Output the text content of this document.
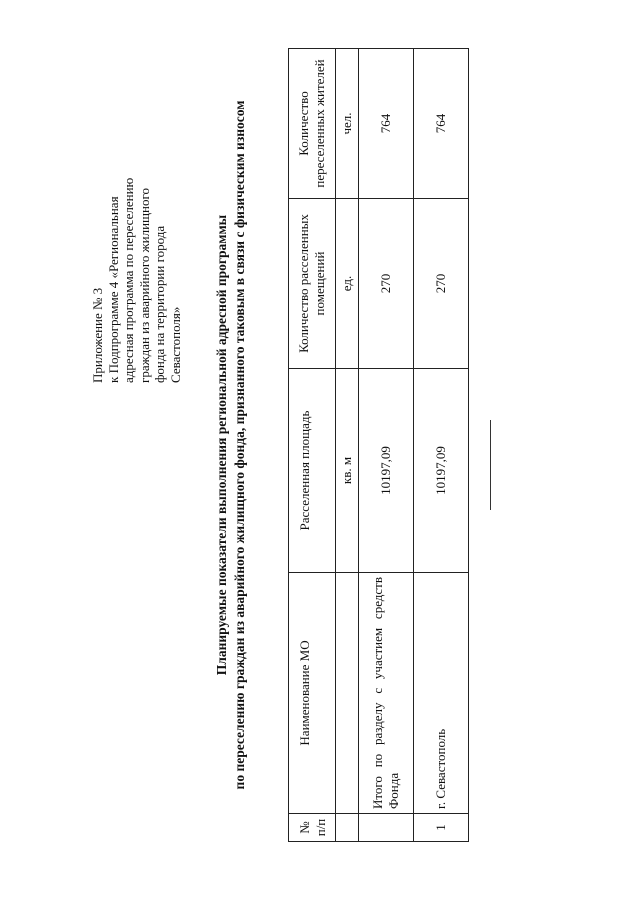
Приложение № 3 к Подпрограмме 4 «Региональная адресная программа по переселению граждан из аварийного жилищного фонда на территории города Севастополя» Планируемые показатели выполнения региональной адресной программы по переселению граждан из аварийного жилищного фонда, признанного таковым в связи с физическим износом
№ п/п	Наименование МО	Расселенная площадь	Количество расселенных помещений	Количество переселенных жителей
		кв. м	ед.	чел.
	Итого по разделу с участием средств Фонда	10197,09	270	764
1	г. Севастополь	10197,09	270	764
